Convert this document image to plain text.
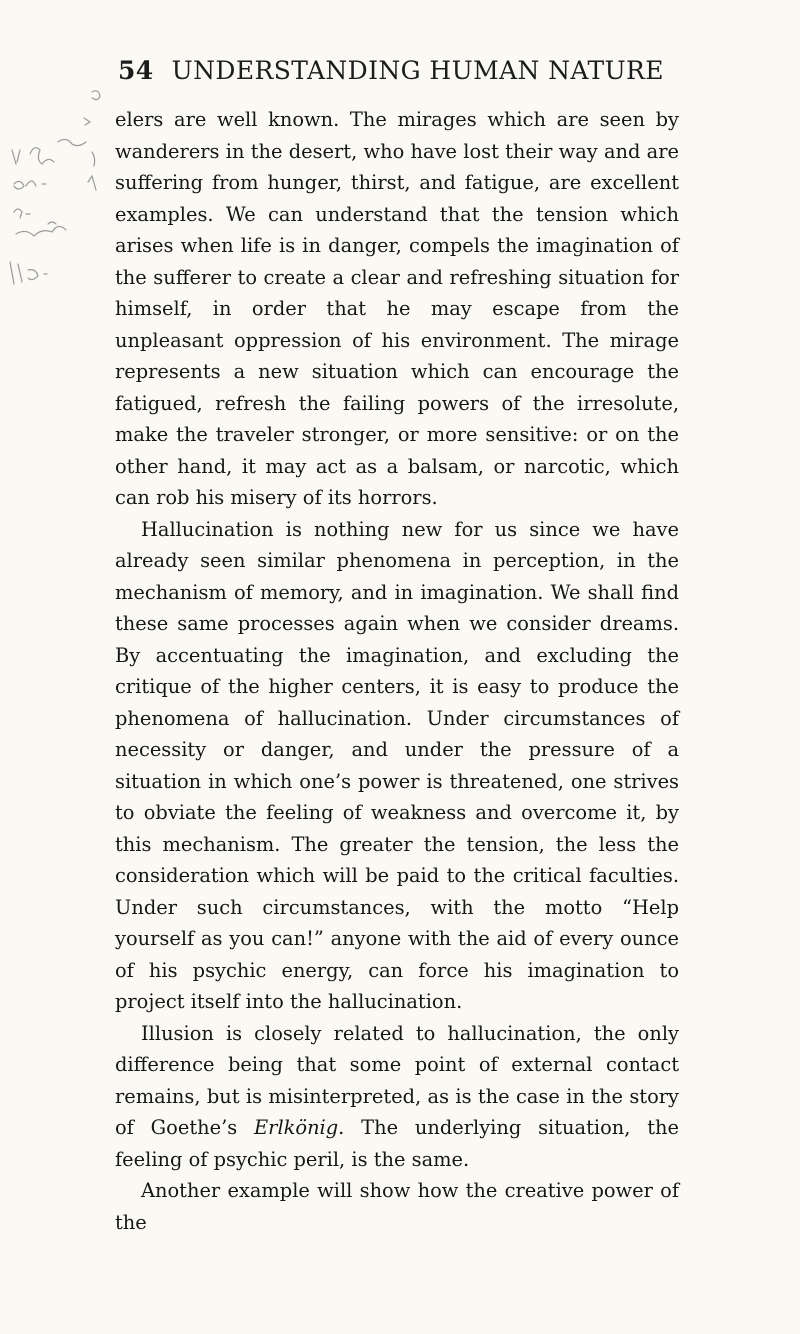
54 UNDERSTANDING HUMAN NATURE

elers are well known. The mirages which are seen by wanderers in the desert, who have lost their way and are suffering from hunger, thirst, and fatigue, are excellent examples. We can understand that the tension which arises when life is in danger, compels the imagination of the sufferer to create a clear and refreshing situation for himself, in order that he may escape from the unpleasant oppression of his environment. The mirage represents a new situation which can encourage the fatigued, refresh the failing powers of the irresolute, make the traveler stronger, or more sensitive: or on the other hand, it may act as a balsam, or narcotic, which can rob his misery of its horrors.

Hallucination is nothing new for us since we have already seen similar phenomena in perception, in the mechanism of memory, and in imagination. We shall find these same processes again when we consider dreams. By accentuating the imagination, and excluding the critique of the higher centers, it is easy to produce the phenomena of hallucination. Under circumstances of necessity or danger, and under the pressure of a situation in which one’s power is threatened, one strives to obviate the feeling of weakness and overcome it, by this mechanism. The greater the tension, the less the consideration which will be paid to the critical faculties. Under such circumstances, with the motto “Help yourself as you can!” anyone with the aid of every ounce of his psychic energy, can force his imagination to project itself into the hallucination.

Illusion is closely related to hallucination, the only difference being that some point of external contact remains, but is misinterpreted, as is the case in the story of Goethe’s Erlkönig. The underlying situation, the feeling of psychic peril, is the same.

Another example will show how the creative power of the
